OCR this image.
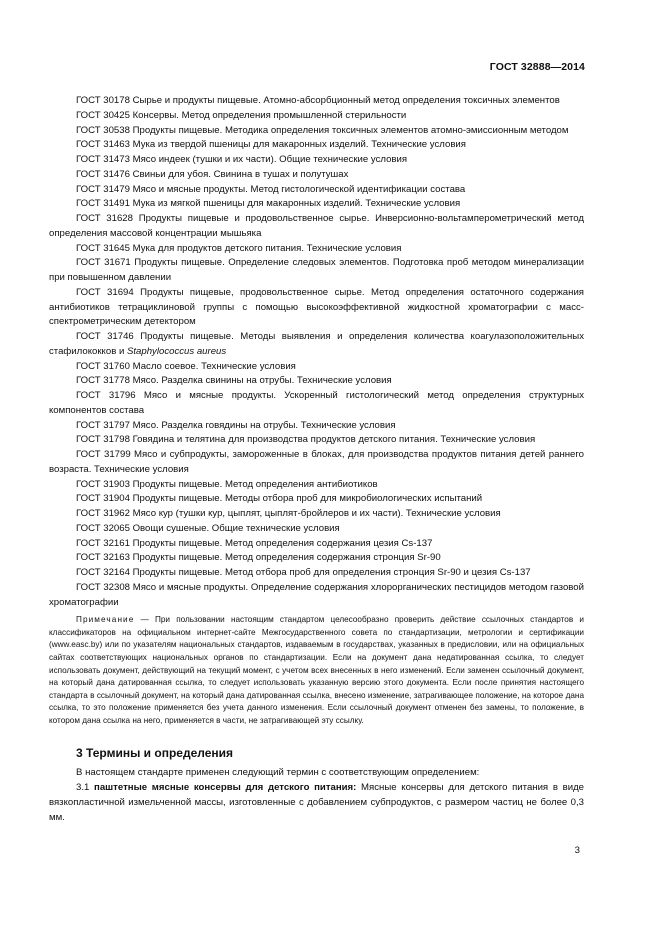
ГОСТ 32888—2014

ГОСТ 30178 Сырье и продукты пищевые. Атомно-абсорбционный метод определения токсичных элементов

ГОСТ 30425 Консервы. Метод определения промышленной стерильности

ГОСТ 30538 Продукты пищевые. Методика определения токсичных элементов атомно-эмиссионным методом

ГОСТ 31463 Мука из твердой пшеницы для макаронных изделий. Технические условия

ГОСТ 31473 Мясо индеек (тушки и их части). Общие технические условия

ГОСТ 31476 Свиньи для убоя. Свинина в тушах и полутушах

ГОСТ 31479 Мясо и мясные продукты. Метод гистологической идентификации состава

ГОСТ 31491 Мука из мягкой пшеницы для макаронных изделий. Технические условия

ГОСТ 31628 Продукты пищевые и продовольственное сырье. Инверсионно-вольтамперометрический метод определения массовой концентрации мышьяка

ГОСТ 31645 Мука для продуктов детского питания. Технические условия

ГОСТ 31671 Продукты пищевые. Определение следовых элементов. Подготовка проб методом минерализации при повышенном давлении

ГОСТ 31694 Продукты пищевые, продовольственное сырье. Метод определения остаточного содержания антибиотиков тетрациклиновой группы с помощью высокоэффективной жидкостной хроматографии с масс-спектрометрическим детектором

ГОСТ 31746 Продукты пищевые. Методы выявления и определения количества коагулазоположительных стафилококков и Staphylococcus aureus

ГОСТ 31760 Масло соевое. Технические условия

ГОСТ 31778 Мясо. Разделка свинины на отрубы. Технические условия

ГОСТ 31796 Мясо и мясные продукты. Ускоренный гистологический метод определения структурных компонентов состава

ГОСТ 31797 Мясо. Разделка говядины на отрубы. Технические условия

ГОСТ 31798 Говядина и телятина для производства продуктов детского питания. Технические условия

ГОСТ 31799 Мясо и субпродукты, замороженные в блоках, для производства продуктов питания детей раннего возраста. Технические условия

ГОСТ 31903 Продукты пищевые. Метод определения антибиотиков

ГОСТ 31904 Продукты пищевые. Методы отбора проб для микробиологических испытаний

ГОСТ 31962 Мясо кур (тушки кур, цыплят, цыплят-бройлеров и их части). Технические условия

ГОСТ 32065 Овощи сушеные. Общие технические условия

ГОСТ 32161 Продукты пищевые. Метод определения содержания цезия Cs-137

ГОСТ 32163 Продукты пищевые. Метод определения содержания стронция Sr-90

ГОСТ 32164 Продукты пищевые. Метод отбора проб для определения стронция Sr-90 и цезия Cs-137

ГОСТ 32308 Мясо и мясные продукты. Определение содержания хлорорганических пестицидов методом газовой хроматографии

Примечание — При пользовании настоящим стандартом целесообразно проверить действие ссылочных стандартов и классификаторов на официальном интернет-сайте Межгосударственного совета по стандартизации, метрологии и сертификации (www.easc.by) или по указателям национальных стандартов, издаваемым в государствах, указанных в предисловии, или на официальных сайтах соответствующих национальных органов по стандартизации. Если на документ дана недатированная ссылка, то следует использовать документ, действующий на текущий момент, с учетом всех внесенных в него изменений. Если заменен ссылочный документ, на который дана датированная ссылка, то следует использовать указанную версию этого документа. Если после принятия настоящего стандарта в ссылочный документ, на который дана датированная ссылка, внесено изменение, затрагивающее положение, на которое дана ссылка, то это положение применяется без учета данного изменения. Если ссылочный документ отменен без замены, то положение, в котором дана ссылка на него, применяется в части, не затрагивающей эту ссылку.

3 Термины и определения

В настоящем стандарте применен следующий термин с соответствующим определением:

3.1 паштетные мясные консервы для детского питания: Мясные консервы для детского питания в виде вязкопластичной измельченной массы, изготовленные с добавлением субпродуктов, с размером частиц не более 0,3 мм.

3
